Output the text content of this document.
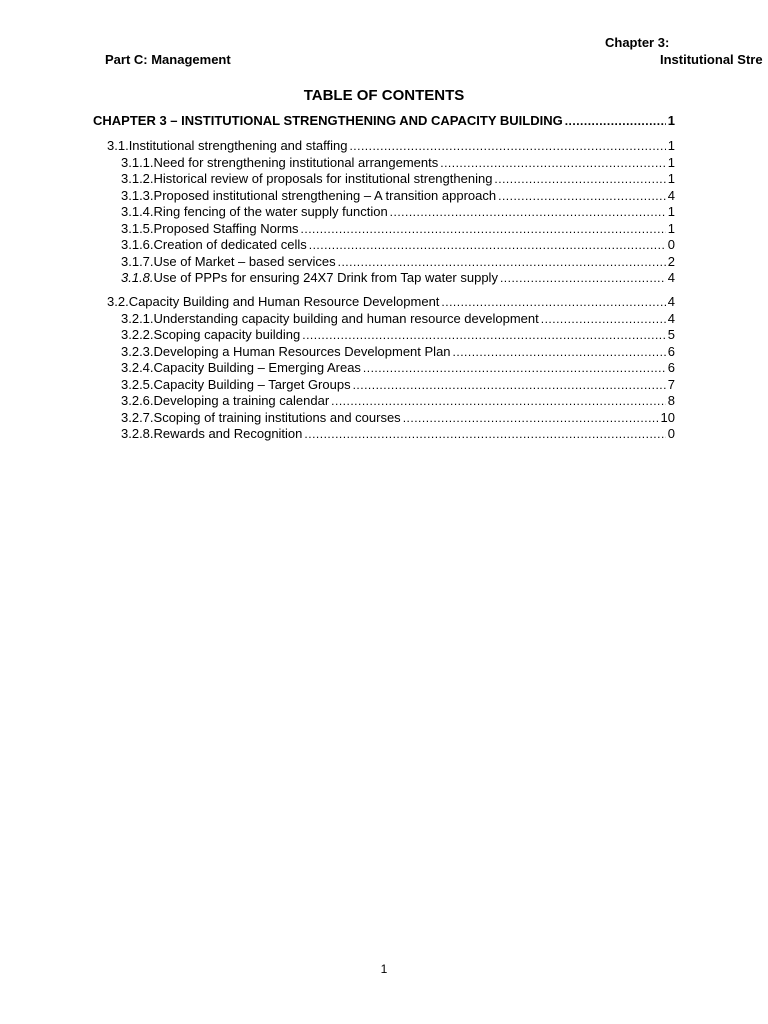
Part C: Management
Chapter 3:
Institutional Stre
TABLE OF CONTENTS
CHAPTER 3 – INSTITUTIONAL STRENGTHENING AND CAPACITY BUILDING .....	1
3.1. Institutional strengthening and staffing .....	1
3.1.1. Need for strengthening institutional arrangements .....	1
3.1.2. Historical review of proposals for institutional strengthening .....	1
3.1.3. Proposed institutional strengthening – A transition approach .....	4
3.1.4. Ring fencing of the water supply function .....	1
3.1.5. Proposed Staffing Norms .....	1
3.1.6. Creation of dedicated cells .....	0
3.1.7. Use of Market – based services .....	2
3.1.8. Use of PPPs for ensuring 24X7 Drink from Tap water supply .....	4
3.2. Capacity Building and Human Resource Development .....	4
3.2.1. Understanding capacity building and human resource development .....	4
3.2.2. Scoping capacity building .....	5
3.2.3. Developing a Human Resources Development Plan .....	6
3.2.4. Capacity Building – Emerging Areas .....	6
3.2.5. Capacity Building – Target Groups .....	7
3.2.6. Developing a training calendar .....	8
3.2.7. Scoping of training institutions and courses .....	10
3.2.8. Rewards and Recognition .....	0
1
